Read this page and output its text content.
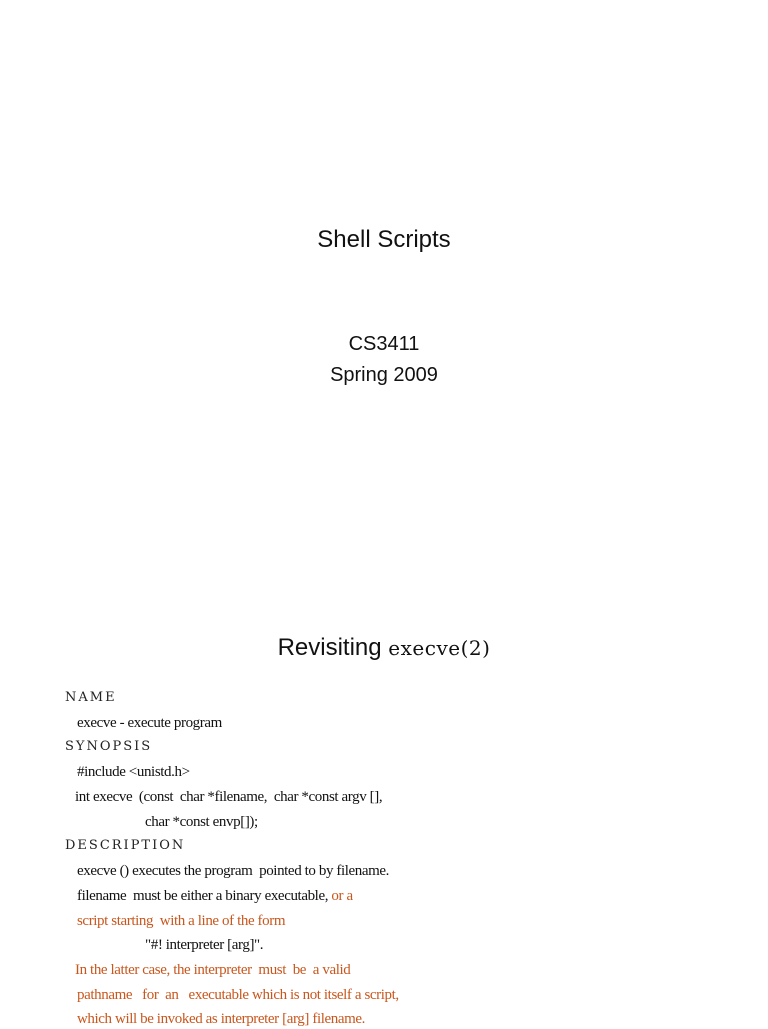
Shell Scripts
CS3411
Spring 2009
Revisiting execve(2)
NAME
execve - execute program
SYNOPSIS
#include <unistd.h>
int execve  (const  char *filename,  char *const argv [],
char *const envp[]);
DESCRIPTION
execve () executes the program  pointed to by filename.
filename  must be either a binary executable, or a
script starting  with a line of the form
"#! interpreter [arg]".
In the latter case, the interpreter  must  be  a valid
pathname   for  an   executable which is not itself a script,
which will be invoked as interpreter [arg] filename.
